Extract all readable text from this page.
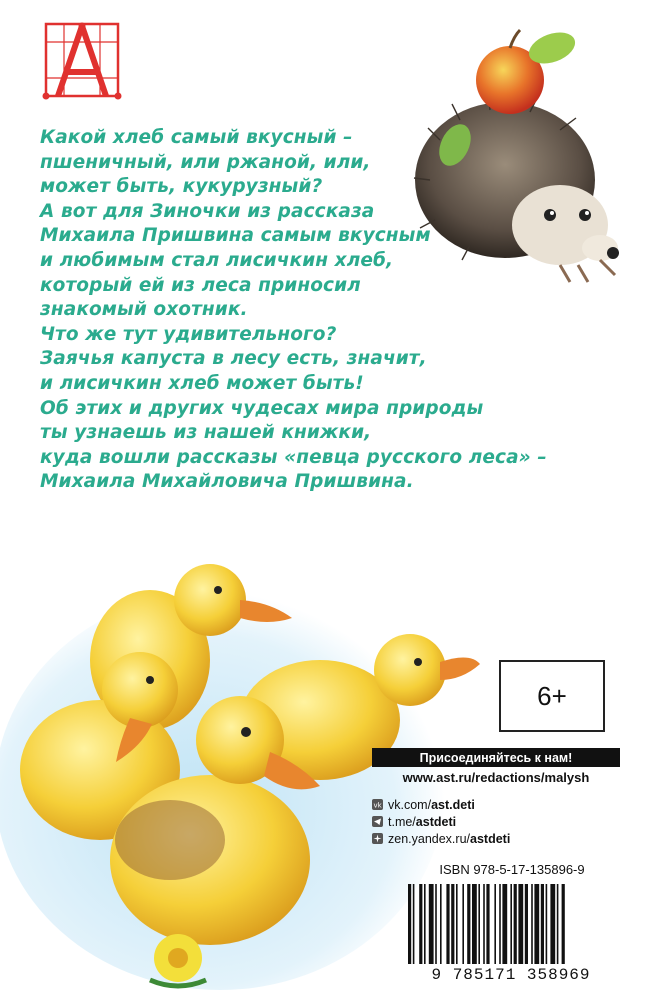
Какой хлеб самый вкусный –
пшеничный, или ржаной, или,
может быть, кукурузный?
А вот для Зиночки из рассказа
Михаила Пришвина самым вкусным
и любимым стал лисичкин хлеб,
который ей из леса приносил
знакомый охотник.
Что же тут удивительного?
Заячья капуста в лесу есть, значит,
и лисичкин хлеб может быть!
Об этих и других чудесах мира природы
ты узнаешь из нашей книжки,
куда вошли рассказы «певца русского леса» –
Михаила Михайловича Пришвина.
6+
Присоединяйтесь к нам!
www.ast.ru/redactions/malysh
vk vk.com/ ast.deti
t.me/ astdeti
zen.yandex.ru/ astdeti
ISBN 978-5-17-135896-9
9 785171 358969
